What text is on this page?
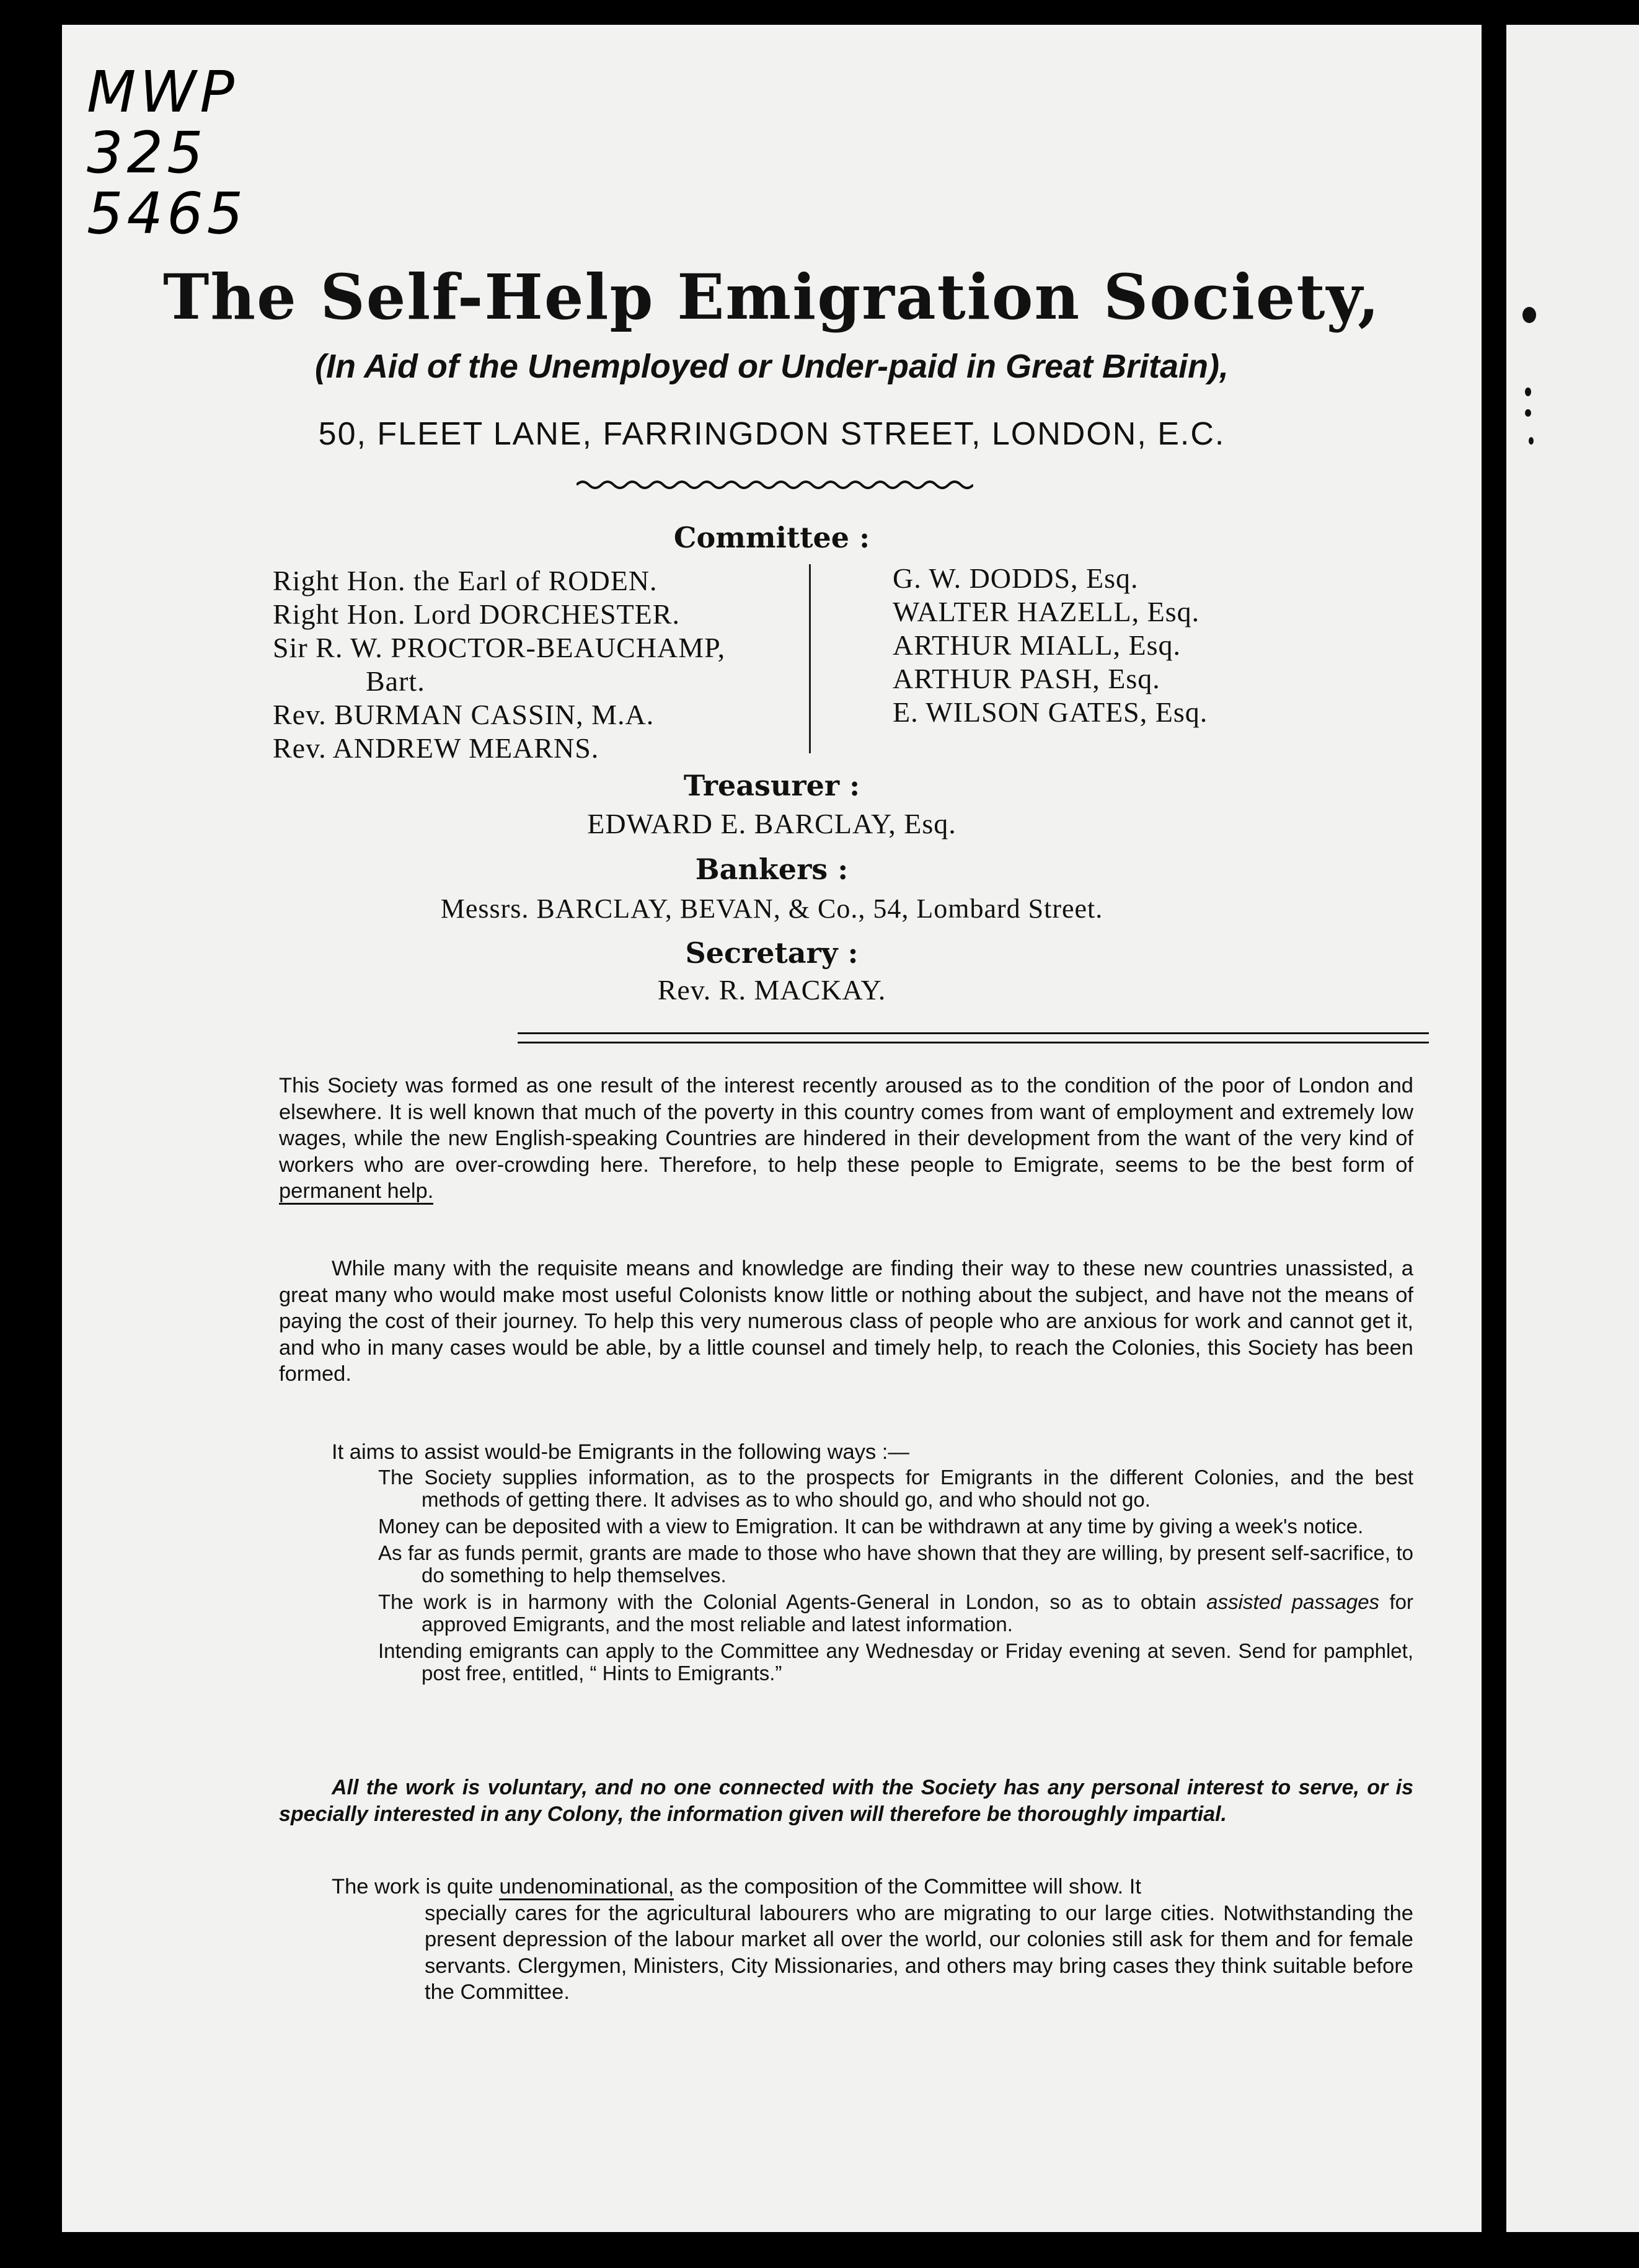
MWP
325
5465
The Self-Help Emigration Society,
(In Aid of the Unemployed or Under-paid in Great Britain),
50, FLEET LANE, FARRINGDON STREET, LONDON, E.C.
Committee :
Right Hon. the Earl of RODEN.
Right Hon. Lord DORCHESTER.
Sir R. W. PROCTOR-BEAUCHAMP,
Bart.
Rev. BURMAN CASSIN, M.A.
Rev. ANDREW MEARNS.
G. W. DODDS, Esq.
WALTER HAZELL, Esq.
ARTHUR MIALL, Esq.
ARTHUR PASH, Esq.
E. WILSON GATES, Esq.
Treasurer :
EDWARD E. BARCLAY, Esq.
Bankers :
Messrs. BARCLAY, BEVAN, & Co., 54, Lombard Street.
Secretary :
Rev. R. MACKAY.
This Society was formed as one result of the interest recently aroused as to the condition of the poor of London and elsewhere. It is well known that much of the poverty in this country comes from want of employment and extremely low wages, while the new English-speaking Countries are hindered in their development from the want of the very kind of workers who are over-crowding here. Therefore, to help these people to Emigrate, seems to be the best form of permanent help.
While many with the requisite means and knowledge are finding their way to these new countries unassisted, a great many who would make most useful Colonists know little or nothing about the subject, and have not the means of paying the cost of their journey. To help this very numerous class of people who are anxious for work and cannot get it, and who in many cases would be able, by a little counsel and timely help, to reach the Colonies, this Society has been formed.
It aims to assist would-be Emigrants in the following ways :—
The Society supplies information, as to the prospects for Emigrants in the different Colonies, and the best methods of getting there. It advises as to who should go, and who should not go.
Money can be deposited with a view to Emigration. It can be withdrawn at any time by giving a week's notice.
As far as funds permit, grants are made to those who have shown that they are willing, by present self-sacrifice, to do something to help themselves.
The work is in harmony with the Colonial Agents-General in London, so as to obtain assisted passages for approved Emigrants, and the most reliable and latest information.
Intending emigrants can apply to the Committee any Wednesday or Friday evening at seven. Send for pamphlet, post free, entitled, “ Hints to Emigrants.”
All the work is voluntary, and no one connected with the Society has any personal interest to serve, or is specially interested in any Colony, the information given will therefore be thoroughly impartial.
The work is quite undenominational, as the composition of the Committee will show. It
specially cares for the agricultural labourers who are migrating to our large cities. Notwithstanding the present depression of the labour market all over the world, our colonies still ask for them and for female servants. Clergymen, Ministers, City Missionaries, and others may bring cases they think suitable before the Committee.
